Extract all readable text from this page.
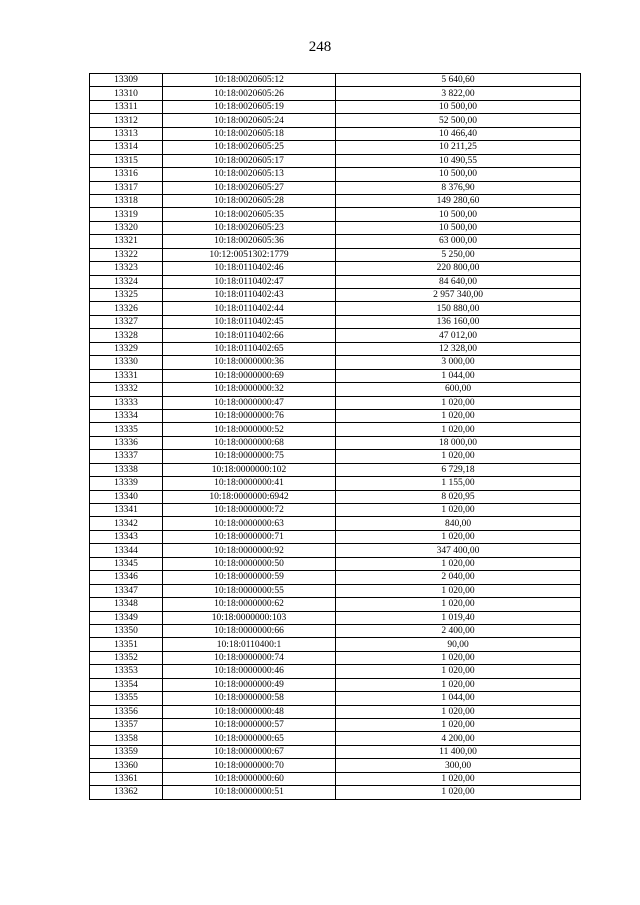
248
13309	10:18:0020605:12	5 640,60
13310	10:18:0020605:26	3 822,00
13311	10:18:0020605:19	10 500,00
13312	10:18:0020605:24	52 500,00
13313	10:18:0020605:18	10 466,40
13314	10:18:0020605:25	10 211,25
13315	10:18:0020605:17	10 490,55
13316	10:18:0020605:13	10 500,00
13317	10:18:0020605:27	8 376,90
13318	10:18:0020605:28	149 280,60
13319	10:18:0020605:35	10 500,00
13320	10:18:0020605:23	10 500,00
13321	10:18:0020605:36	63 000,00
13322	10:12:0051302:1779	5 250,00
13323	10:18:0110402:46	220 800,00
13324	10:18:0110402:47	84 640,00
13325	10:18:0110402:43	2 957 340,00
13326	10:18:0110402:44	150 880,00
13327	10:18:0110402:45	136 160,00
13328	10:18:0110402:66	47 012,00
13329	10:18:0110402:65	12 328,00
13330	10:18:0000000:36	3 000,00
13331	10:18:0000000:69	1 044,00
13332	10:18:0000000:32	600,00
13333	10:18:0000000:47	1 020,00
13334	10:18:0000000:76	1 020,00
13335	10:18:0000000:52	1 020,00
13336	10:18:0000000:68	18 000,00
13337	10:18:0000000:75	1 020,00
13338	10:18:0000000:102	6 729,18
13339	10:18:0000000:41	1 155,00
13340	10:18:0000000:6942	8 020,95
13341	10:18:0000000:72	1 020,00
13342	10:18:0000000:63	840,00
13343	10:18:0000000:71	1 020,00
13344	10:18:0000000:92	347 400,00
13345	10:18:0000000:50	1 020,00
13346	10:18:0000000:59	2 040,00
13347	10:18:0000000:55	1 020,00
13348	10:18:0000000:62	1 020,00
13349	10:18:0000000:103	1 019,40
13350	10:18:0000000:66	2 400,00
13351	10:18:0110400:1	90,00
13352	10:18:0000000:74	1 020,00
13353	10:18:0000000:46	1 020,00
13354	10:18:0000000:49	1 020,00
13355	10:18:0000000:58	1 044,00
13356	10:18:0000000:48	1 020,00
13357	10:18:0000000:57	1 020,00
13358	10:18:0000000:65	4 200,00
13359	10:18:0000000:67	11 400,00
13360	10:18:0000000:70	300,00
13361	10:18:0000000:60	1 020,00
13362	10:18:0000000:51	1 020,00
